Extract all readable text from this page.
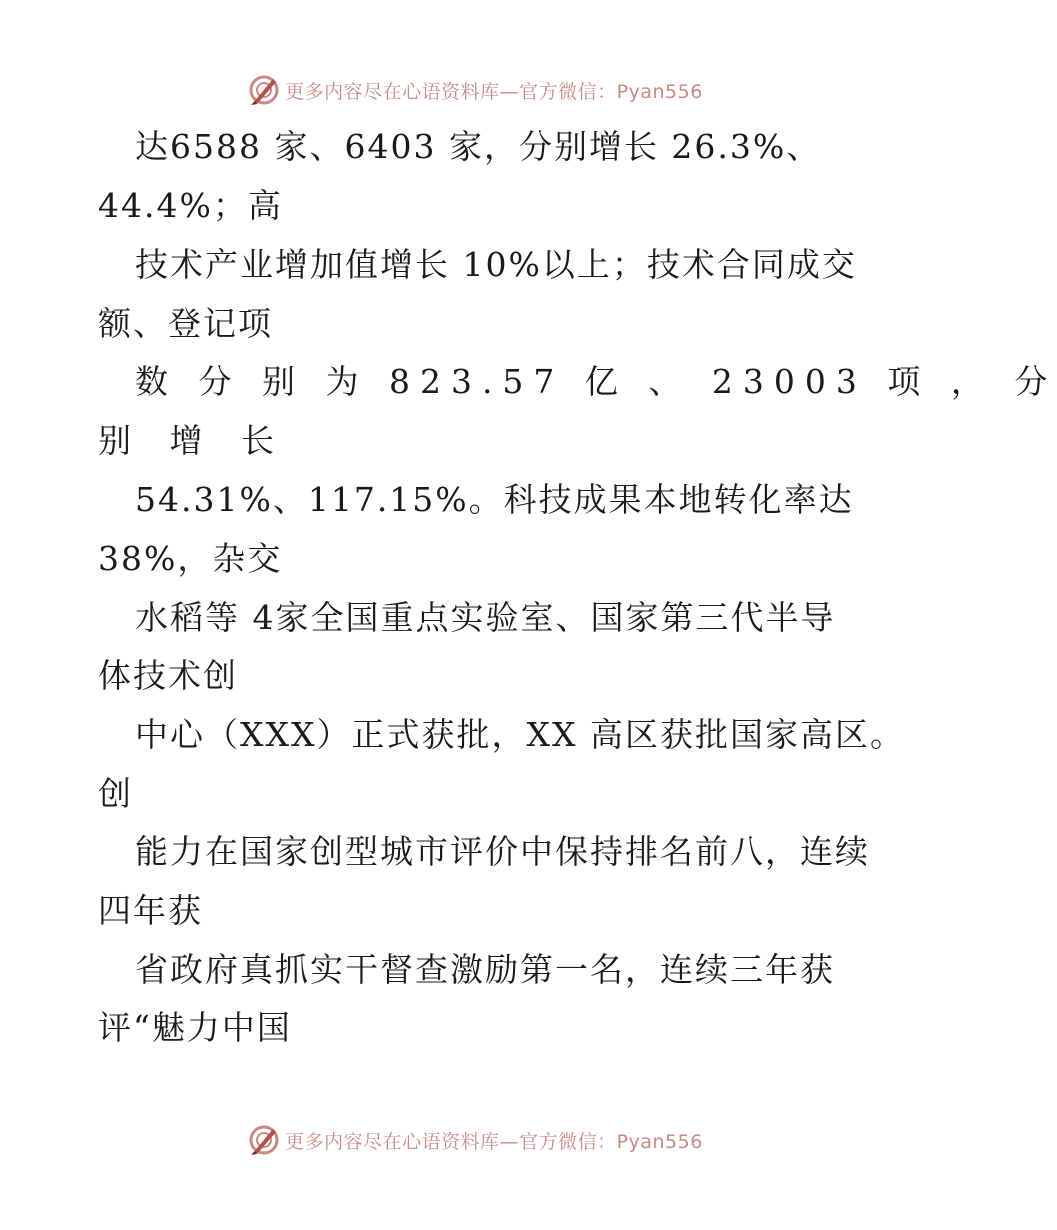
更多内容尽在心语资料库—官方微信：Pyan556

达6588 家、6403 家，分别增长 26.3%、

44.4%；高

技术产业增加值增长 10%以上；技术合同成交

额、登记项

数 分 别 为 823.57 亿 、 23003 项 ， 分

别 增 长

54.31%、117.15%。科技成果本地转化率达

38%，杂交

水稻等 4家全国重点实验室、国家第三代半导

体技术创

中心（XXX）正式获批，XX 高区获批国家高区。

创

能力在国家创型城市评价中保持排名前八，连续

四年获

省政府真抓实干督查激励第一名，连续三年获

评“魅力中国

更多内容尽在心语资料库—官方微信：Pyan556
